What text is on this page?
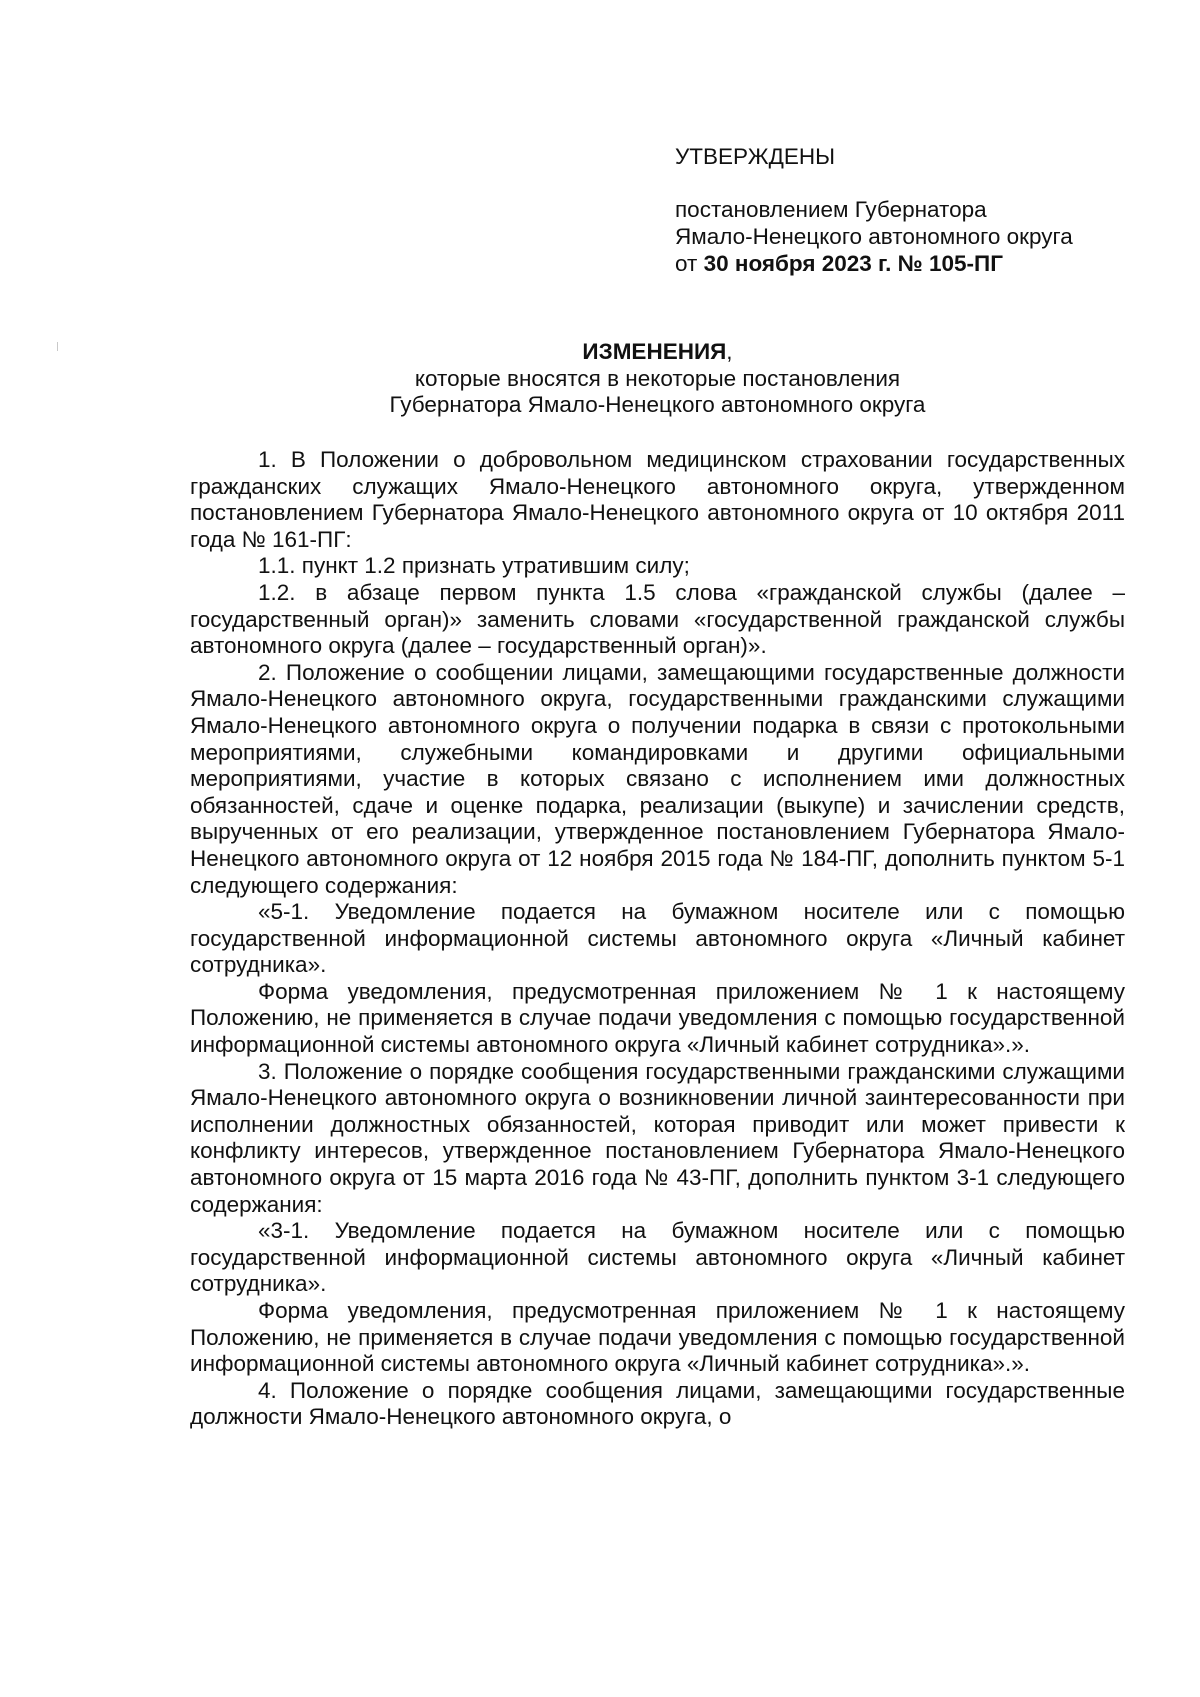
УТВЕРЖДЕНЫ
постановлением Губернатора
Ямало-Ненецкого автономного округа
от 30 ноября 2023 г. № 105-ПГ
ИЗМЕНЕНИЯ,
которые вносятся в некоторые постановления
Губернатора Ямало-Ненецкого автономного округа

1. В Положении о добровольном медицинском страховании государственных гражданских служащих Ямало-Ненецкого автономного округа, утвержденном постановлением Губернатора Ямало-Ненецкого автономного округа от 10 октября 2011 года № 161-ПГ:

1.1. пункт 1.2 признать утратившим силу;

1.2. в абзаце первом пункта 1.5 слова «гражданской службы (далее – государственный орган)» заменить словами «государственной гражданской службы автономного округа (далее – государственный орган)».

2. Положение о сообщении лицами, замещающими государственные должности Ямало-Ненецкого автономного округа, государственными гражданскими служащими Ямало-Ненецкого автономного округа о получении подарка в связи с протокольными мероприятиями, служебными командировками и другими официальными мероприятиями, участие в которых связано с исполнением ими должностных обязанностей, сдаче и оценке подарка, реализации (выкупе) и зачислении средств, вырученных от его реализации, утвержденное постановлением Губернатора Ямало-Ненецкого автономного округа от 12 ноября 2015 года № 184-ПГ, дополнить пунктом 5-1 следующего содержания:

«5-1. Уведомление подается на бумажном носителе или с помощью государственной информационной системы автономного округа «Личный кабинет сотрудника».

Форма уведомления, предусмотренная приложением № 1 к настоящему Положению, не применяется в случае подачи уведомления с помощью государственной информационной системы автономного округа «Личный кабинет сотрудника».».

3. Положение о порядке сообщения государственными гражданскими служащими Ямало-Ненецкого автономного округа о возникновении личной заинтересованности при исполнении должностных обязанностей, которая приводит или может привести к конфликту интересов, утвержденное постановлением Губернатора Ямало-Ненецкого автономного округа от 15 марта 2016 года № 43-ПГ, дополнить пунктом 3-1 следующего содержания:

«3-1. Уведомление подается на бумажном носителе или с помощью государственной информационной системы автономного округа «Личный кабинет сотрудника».

Форма уведомления, предусмотренная приложением № 1 к настоящему Положению, не применяется в случае подачи уведомления с помощью государственной информационной системы автономного округа «Личный кабинет сотрудника».».

4. Положение о порядке сообщения лицами, замещающими государственные должности Ямало-Ненецкого автономного округа, о
